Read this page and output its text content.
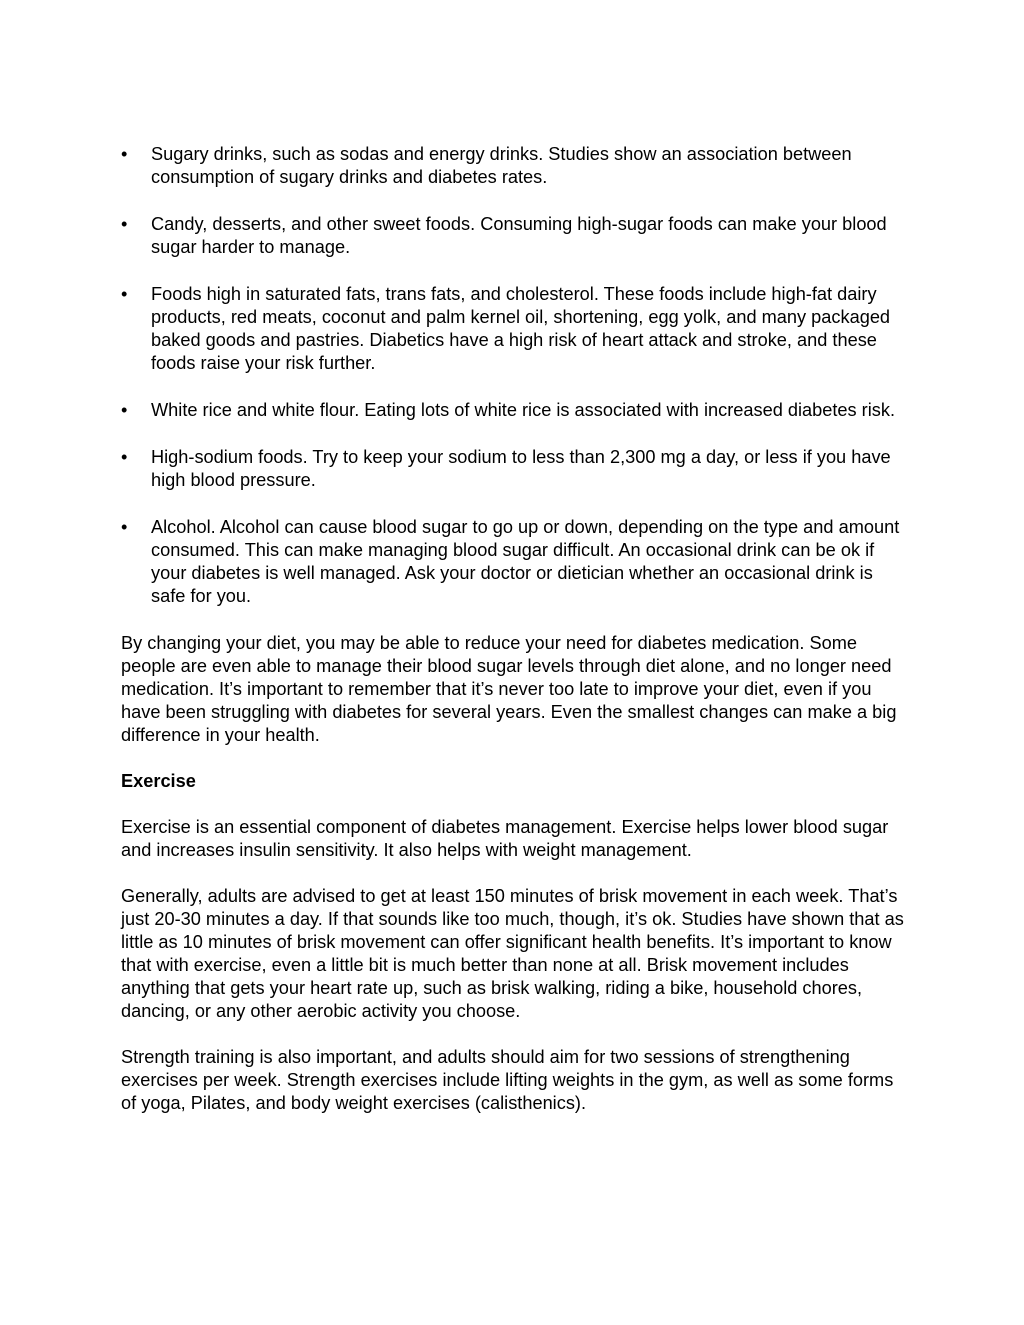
•	Sugary drinks, such as sodas and energy drinks. Studies show an association between consumption of sugary drinks and diabetes rates.
•	Candy, desserts, and other sweet foods. Consuming high-sugar foods can make your blood sugar harder to manage.
•	Foods high in saturated fats, trans fats, and cholesterol. These foods include high-fat dairy products, red meats, coconut and palm kernel oil, shortening, egg yolk, and many packaged baked goods and pastries. Diabetics have a high risk of heart attack and stroke, and these foods raise your risk further.
•	White rice and white flour. Eating lots of white rice is associated with increased diabetes risk.
•	High-sodium foods. Try to keep your sodium to less than 2,300 mg a day, or less if you have high blood pressure.
•	Alcohol. Alcohol can cause blood sugar to go up or down, depending on the type and amount consumed. This can make managing blood sugar difficult. An occasional drink can be ok if your diabetes is well managed. Ask your doctor or dietician whether an occasional drink is safe for you.

By changing your diet, you may be able to reduce your need for diabetes medication. Some people are even able to manage their blood sugar levels through diet alone, and no longer need medication. It’s important to remember that it’s never too late to improve your diet, even if you have been struggling with diabetes for several years. Even the smallest changes can make a big difference in your health.

Exercise

Exercise is an essential component of diabetes management. Exercise helps lower blood sugar and increases insulin sensitivity. It also helps with weight management.

Generally, adults are advised to get at least 150 minutes of brisk movement in each week. That’s just 20-30 minutes a day. If that sounds like too much, though, it’s ok. Studies have shown that as little as 10 minutes of brisk movement can offer significant health benefits. It’s important to know that with exercise, even a little bit is much better than none at all. Brisk movement includes anything that gets your heart rate up, such as brisk walking, riding a bike, household chores, dancing, or any other aerobic activity you choose.

Strength training is also important, and adults should aim for two sessions of strengthening exercises per week. Strength exercises include lifting weights in the gym, as well as some forms of yoga, Pilates, and body weight exercises (calisthenics).
